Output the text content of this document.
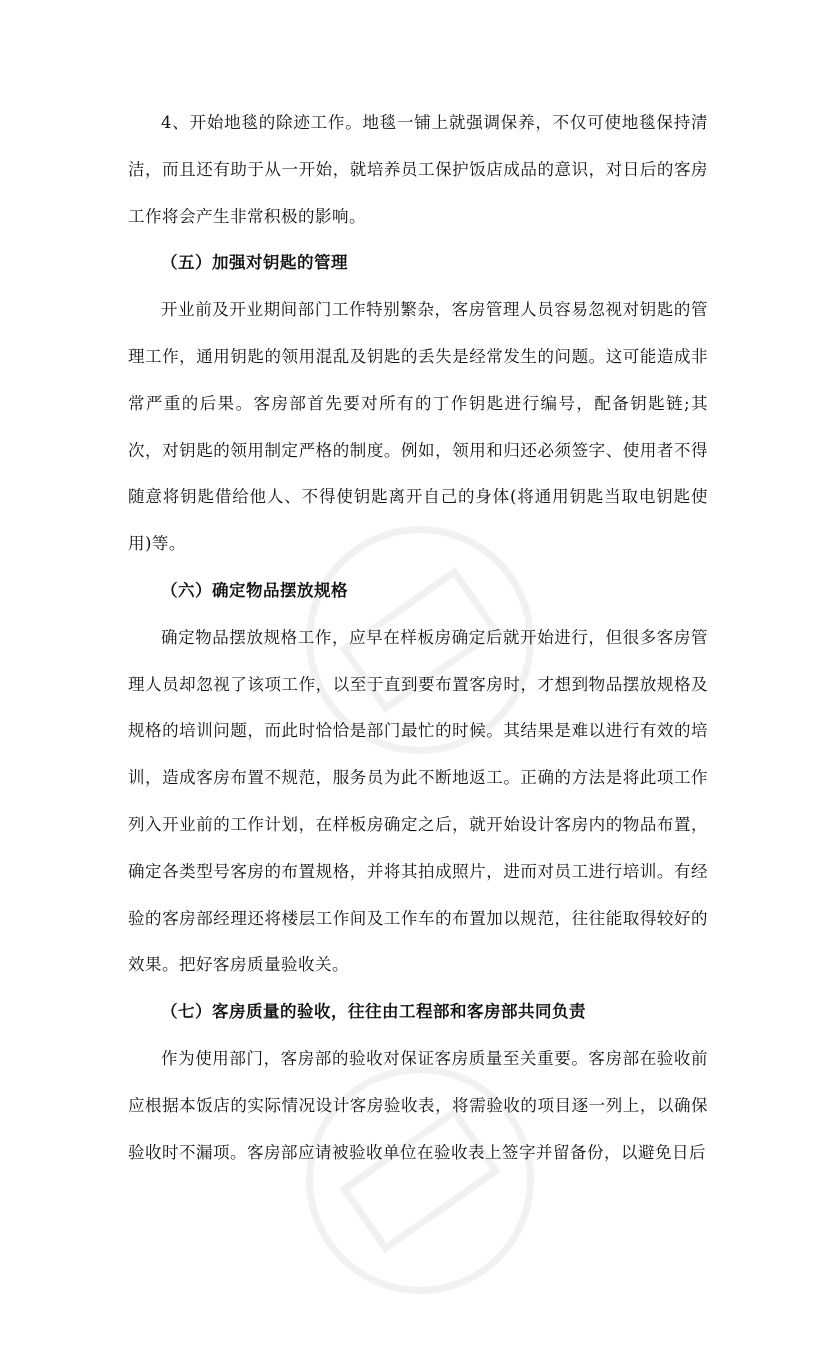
4、开始地毯的除迹工作。地毯一铺上就强调保养，不仅可使地毯保持清洁，而且还有助于从一开始，就培养员工保护饭店成品的意识，对日后的客房工作将会产生非常积极的影响。

（五）加强对钥匙的管理

开业前及开业期间部门工作特别繁杂，客房管理人员容易忽视对钥匙的管理工作，通用钥匙的领用混乱及钥匙的丢失是经常发生的问题。这可能造成非常严重的后果。客房部首先要对所有的丁作钥匙进行编号，配备钥匙链;其次，对钥匙的领用制定严格的制度。例如，领用和归还必须签字、使用者不得随意将钥匙借给他人、不得使钥匙离开自己的身体(将通用钥匙当取电钥匙使用)等。

（六）确定物品摆放规格

确定物品摆放规格工作，应早在样板房确定后就开始进行，但很多客房管理人员却忽视了该项工作，以至于直到要布置客房时，才想到物品摆放规格及规格的培训问题，而此时恰恰是部门最忙的时候。其结果是难以进行有效的培训，造成客房布置不规范，服务员为此不断地返工。正确的方法是将此项工作列入开业前的工作计划，在样板房确定之后，就开始设计客房内的物品布置，确定各类型号客房的布置规格，并将其拍成照片，进而对员工进行培训。有经验的客房部经理还将楼层工作间及工作车的布置加以规范，往往能取得较好的效果。把好客房质量验收关。

（七）客房质量的验收，往往由工程部和客房部共同负责

作为使用部门，客房部的验收对保证客房质量至关重要。客房部在验收前应根据本饭店的实际情况设计客房验收表，将需验收的项目逐一列上，以确保验收时不漏项。客房部应请被验收单位在验收表上签字并留备份，以避免日后
